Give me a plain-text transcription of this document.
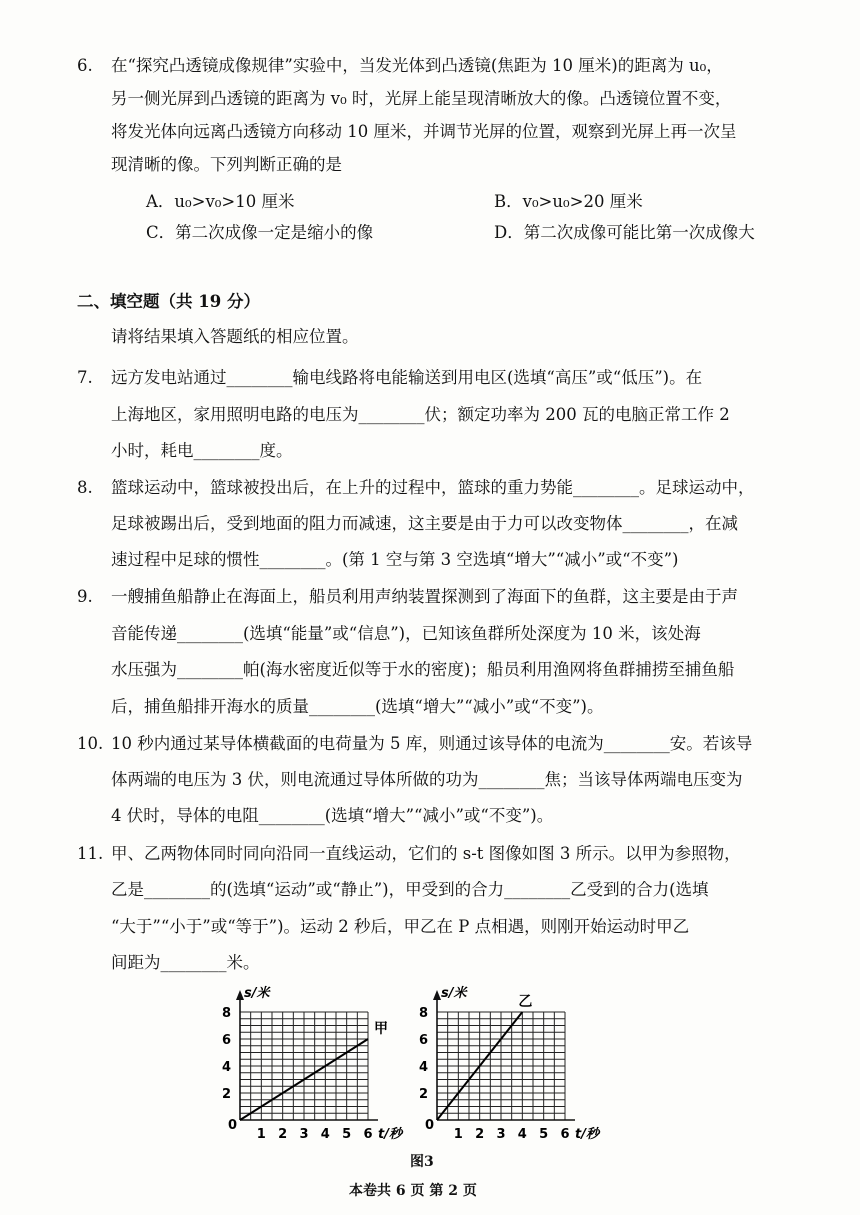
6. 在“探究凸透镜成像规律”实验中，当发光体到凸透镜(焦距为 10 厘米)的距离为 u₀，
另一侧光屏到凸透镜的距离为 v₀ 时，光屏上能呈现清晰放大的像。凸透镜位置不变，
将发光体向远离凸透镜方向移动 10 厘米，并调节光屏的位置，观察到光屏上再一次呈
现清晰的像。下列判断正确的是
A．u₀>v₀>10 厘米	B．v₀>u₀>20 厘米
C．第二次成像一定是缩小的像	D．第二次成像可能比第一次成像大
二、填空题（共 19 分）
请将结果填入答题纸的相应位置。
7. 远方发电站通过________输电线路将电能输送到用电区(选填“高压”或“低压”)。在
上海地区，家用照明电路的电压为________伏；额定功率为 200 瓦的电脑正常工作 2
小时，耗电________度。
8. 篮球运动中，篮球被投出后，在上升的过程中，篮球的重力势能________。足球运动中，
足球被踢出后，受到地面的阻力而减速，这主要是由于力可以改变物体________，在减
速过程中足球的惯性________。(第 1 空与第 3 空选填“增大”“减小”或“不变”)
9. 一艘捕鱼船静止在海面上，船员利用声纳装置探测到了海面下的鱼群，这主要是由于声
音能传递________(选填“能量”或“信息”)，已知该鱼群所处深度为 10 米，该处海
水压强为________帕(海水密度近似等于水的密度)；船员利用渔网将鱼群捕捞至捕鱼船
后，捕鱼船排开海水的质量________(选填“增大”“减小”或“不变”)。
10. 10 秒内通过某导体横截面的电荷量为 5 库，则通过该导体的电流为________安。若该导
体两端的电压为 3 伏，则电流通过导体所做的功为________焦；当该导体两端电压变为
4 伏时，导体的电阻________(选填“增大”“减小”或“不变”)。
11. 甲、乙两物体同时同向沿同一直线运动，它们的 s-t 图像如图 3 所示。以甲为参照物，
乙是________的(选填“运动”或“静止”)，甲受到的合力________乙受到的合力(选填
“大于”“小于”或“等于”)。运动 2 秒后，甲乙在 P 点相遇，则刚开始运动时甲乙
间距为________米。
2
4
6
8
1 2 3 4 5 6
0
s/米
t/秒
甲
2
4
6
8
1 2 3 4 5 6
0
s/米
t/秒
乙
图3
本卷共 6 页 第 2 页
